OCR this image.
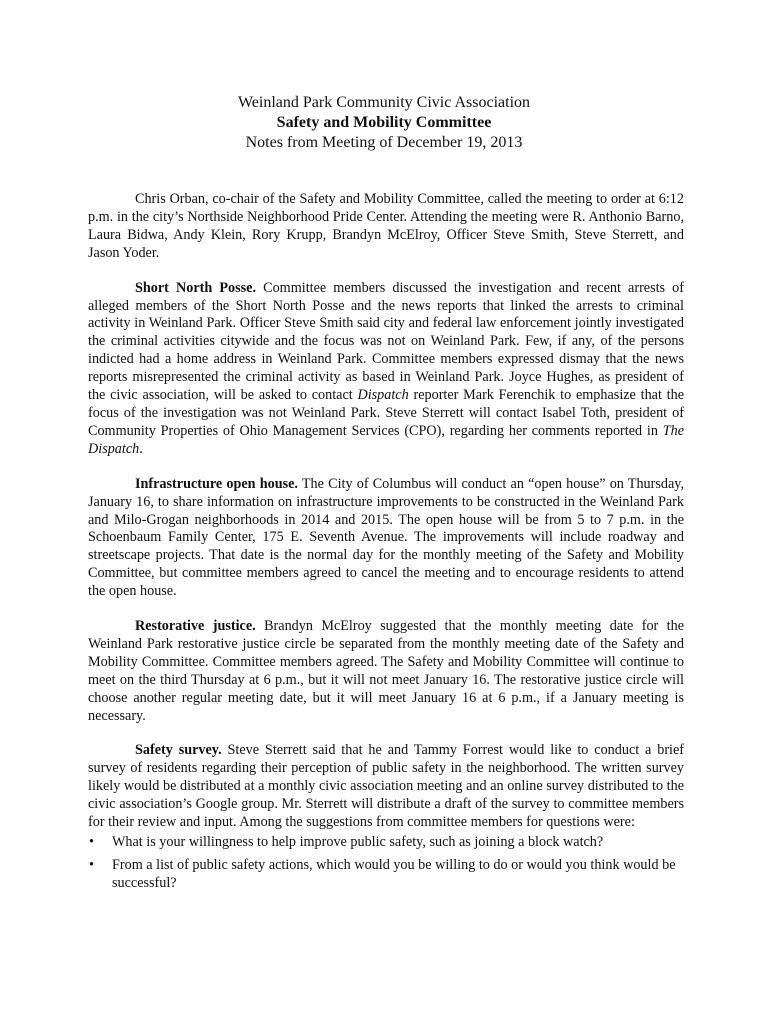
Weinland Park Community Civic Association
Safety and Mobility Committee
Notes from Meeting of December 19, 2013

Chris Orban, co-chair of the Safety and Mobility Committee, called the meeting to order at 6:12 p.m. in the city’s Northside Neighborhood Pride Center. Attending the meeting were R. Anthonio Barno, Laura Bidwa, Andy Klein, Rory Krupp, Brandyn McElroy, Officer Steve Smith, Steve Sterrett, and Jason Yoder.

Short North Posse. Committee members discussed the investigation and recent arrests of alleged members of the Short North Posse and the news reports that linked the arrests to criminal activity in Weinland Park. Officer Steve Smith said city and federal law enforcement jointly investigated the criminal activities citywide and the focus was not on Weinland Park. Few, if any, of the persons indicted had a home address in Weinland Park. Committee members expressed dismay that the news reports misrepresented the criminal activity as based in Weinland Park. Joyce Hughes, as president of the civic association, will be asked to contact Dispatch reporter Mark Ferenchik to emphasize that the focus of the investigation was not Weinland Park. Steve Sterrett will contact Isabel Toth, president of Community Properties of Ohio Management Services (CPO), regarding her comments reported in The Dispatch.

Infrastructure open house. The City of Columbus will conduct an “open house” on Thursday, January 16, to share information on infrastructure improvements to be constructed in the Weinland Park and Milo-Grogan neighborhoods in 2014 and 2015. The open house will be from 5 to 7 p.m. in the Schoenbaum Family Center, 175 E. Seventh Avenue. The improvements will include roadway and streetscape projects. That date is the normal day for the monthly meeting of the Safety and Mobility Committee, but committee members agreed to cancel the meeting and to encourage residents to attend the open house.

Restorative justice. Brandyn McElroy suggested that the monthly meeting date for the Weinland Park restorative justice circle be separated from the monthly meeting date of the Safety and Mobility Committee. Committee members agreed. The Safety and Mobility Committee will continue to meet on the third Thursday at 6 p.m., but it will not meet January 16. The restorative justice circle will choose another regular meeting date, but it will meet January 16 at 6 p.m., if a January meeting is necessary.

Safety survey. Steve Sterrett said that he and Tammy Forrest would like to conduct a brief survey of residents regarding their perception of public safety in the neighborhood. The written survey likely would be distributed at a monthly civic association meeting and an online survey distributed to the civic association’s Google group. Mr. Sterrett will distribute a draft of the survey to committee members for their review and input. Among the suggestions from committee members for questions were:

• What is your willingness to help improve public safety, such as joining a block watch?
• From a list of public safety actions, which would you be willing to do or would you think would be successful?
